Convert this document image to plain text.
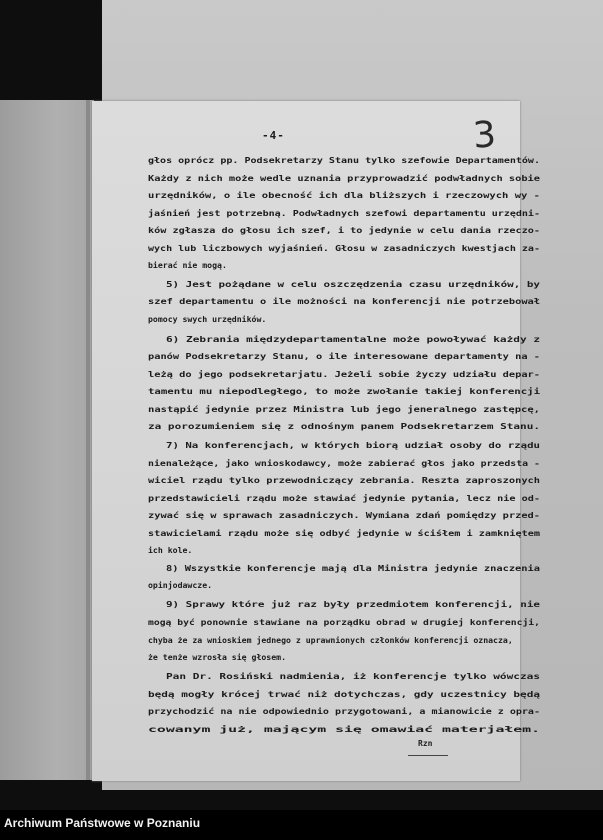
-4-	3
głos oprócz pp. Podsekretarzy Stanu tylko szefowie Departamentów.
Każdy z nich może wedle uznania przyprowadzić podwładnych sobie
urzędników, o ile obecność ich dla bliższych i rzeczowych wy -
jaśnień jest potrzebną. Podwładnych szefowi departamentu urzędni-
ków zgłasza do głosu ich szef, i to jedynie w celu dania rzeczo-
wych lub liczbowych wyjaśnień. Głosu w zasadniczych kwestjach za-
bierać nie mogą.
5) Jest pożądane w celu oszczędzenia czasu urzędników, by
szef departamentu o ile możności na konferencji nie potrzebował
pomocy swych urzędników.
6) Zebrania międzydepartamentalne może powoływać każdy z
panów Podsekretarzy Stanu, o ile interesowane departamenty na -
leżą do jego podsekretarjatu. Jeżeli sobie życzy udziału depar-
tamentu mu niepodległego, to może zwołanie takiej konferencji
nastąpić jedynie przez Ministra lub jego jeneralnego zastępcę,
za porozumieniem się z odnośnym panem Podsekretarzem Stanu.
7) Na konferencjach, w których biorą udział osoby do rządu
nienależące, jako wnioskodawcy, może zabierać głos jako przedsta -
wiciel rządu tylko przewodniczący zebrania. Reszta zaproszonych
przedstawicieli rządu może stawiać jedynie pytania, lecz nie od-
zywać się w sprawach zasadniczych. Wymiana zdań pomiędzy przed-
stawicielami rządu może się odbyć jedynie w ściśłem i zamkniętem
ich kole.
8) Wszystkie konferencje mają dla Ministra jedynie znaczenia
opinjodawcze.
9) Sprawy które już raz były przedmiotem konferencji, nie
mogą być ponownie stawiane na porządku obrad w drugiej konferencji,
chyba że za wnioskiem jednego z uprawnionych członków konferencji oznacza,
że tenże wzrosła się głosem.
Pan Dr. Rosiński nadmienia, iż konferencje tylko wówczas
będą mogły krócej trwać niż dotychczas, gdy uczestnicy będą
przychodzić na nie odpowiednio przygotowani, a mianowicie z opra-
cowanym już, mającym się omawiać materjałem.
Rzn
Archiwum Państwowe w Poznaniu
